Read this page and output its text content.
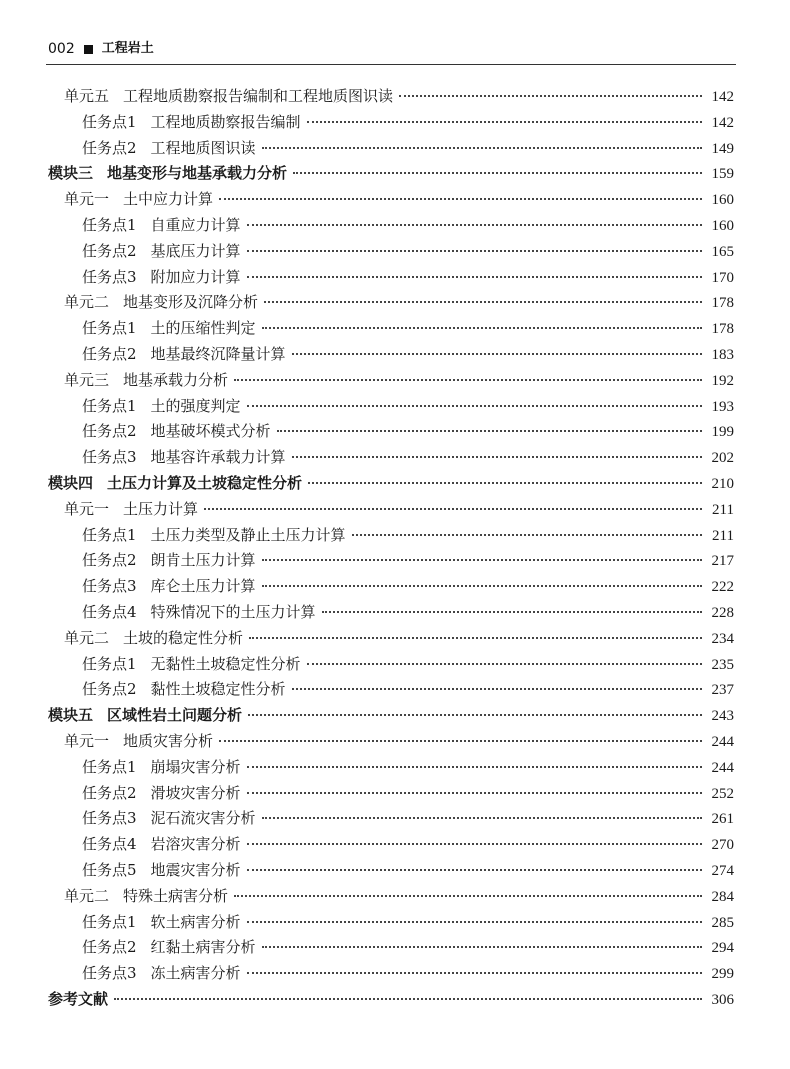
002 工程岩土
单元五 工程地质勘察报告编制和工程地质图识读	142
任务点1 工程地质勘察报告编制	142
任务点2 工程地质图识读	149
模块三 地基变形与地基承载力分析	159
单元一 土中应力计算	160
任务点1 自重应力计算	160
任务点2 基底压力计算	165
任务点3 附加应力计算	170
单元二 地基变形及沉降分析	178
任务点1 土的压缩性判定	178
任务点2 地基最终沉降量计算	183
单元三 地基承载力分析	192
任务点1 土的强度判定	193
任务点2 地基破坏模式分析	199
任务点3 地基容许承载力计算	202
模块四 土压力计算及土坡稳定性分析	210
单元一 土压力计算	211
任务点1 土压力类型及静止土压力计算	211
任务点2 朗肯土压力计算	217
任务点3 库仑土压力计算	222
任务点4 特殊情况下的土压力计算	228
单元二 土坡的稳定性分析	234
任务点1 无黏性土坡稳定性分析	235
任务点2 黏性土坡稳定性分析	237
模块五 区域性岩土问题分析	243
单元一 地质灾害分析	244
任务点1 崩塌灾害分析	244
任务点2 滑坡灾害分析	252
任务点3 泥石流灾害分析	261
任务点4 岩溶灾害分析	270
任务点5 地震灾害分析	274
单元二 特殊土病害分析	284
任务点1 软土病害分析	285
任务点2 红黏土病害分析	294
任务点3 冻土病害分析	299
参考文献	306
